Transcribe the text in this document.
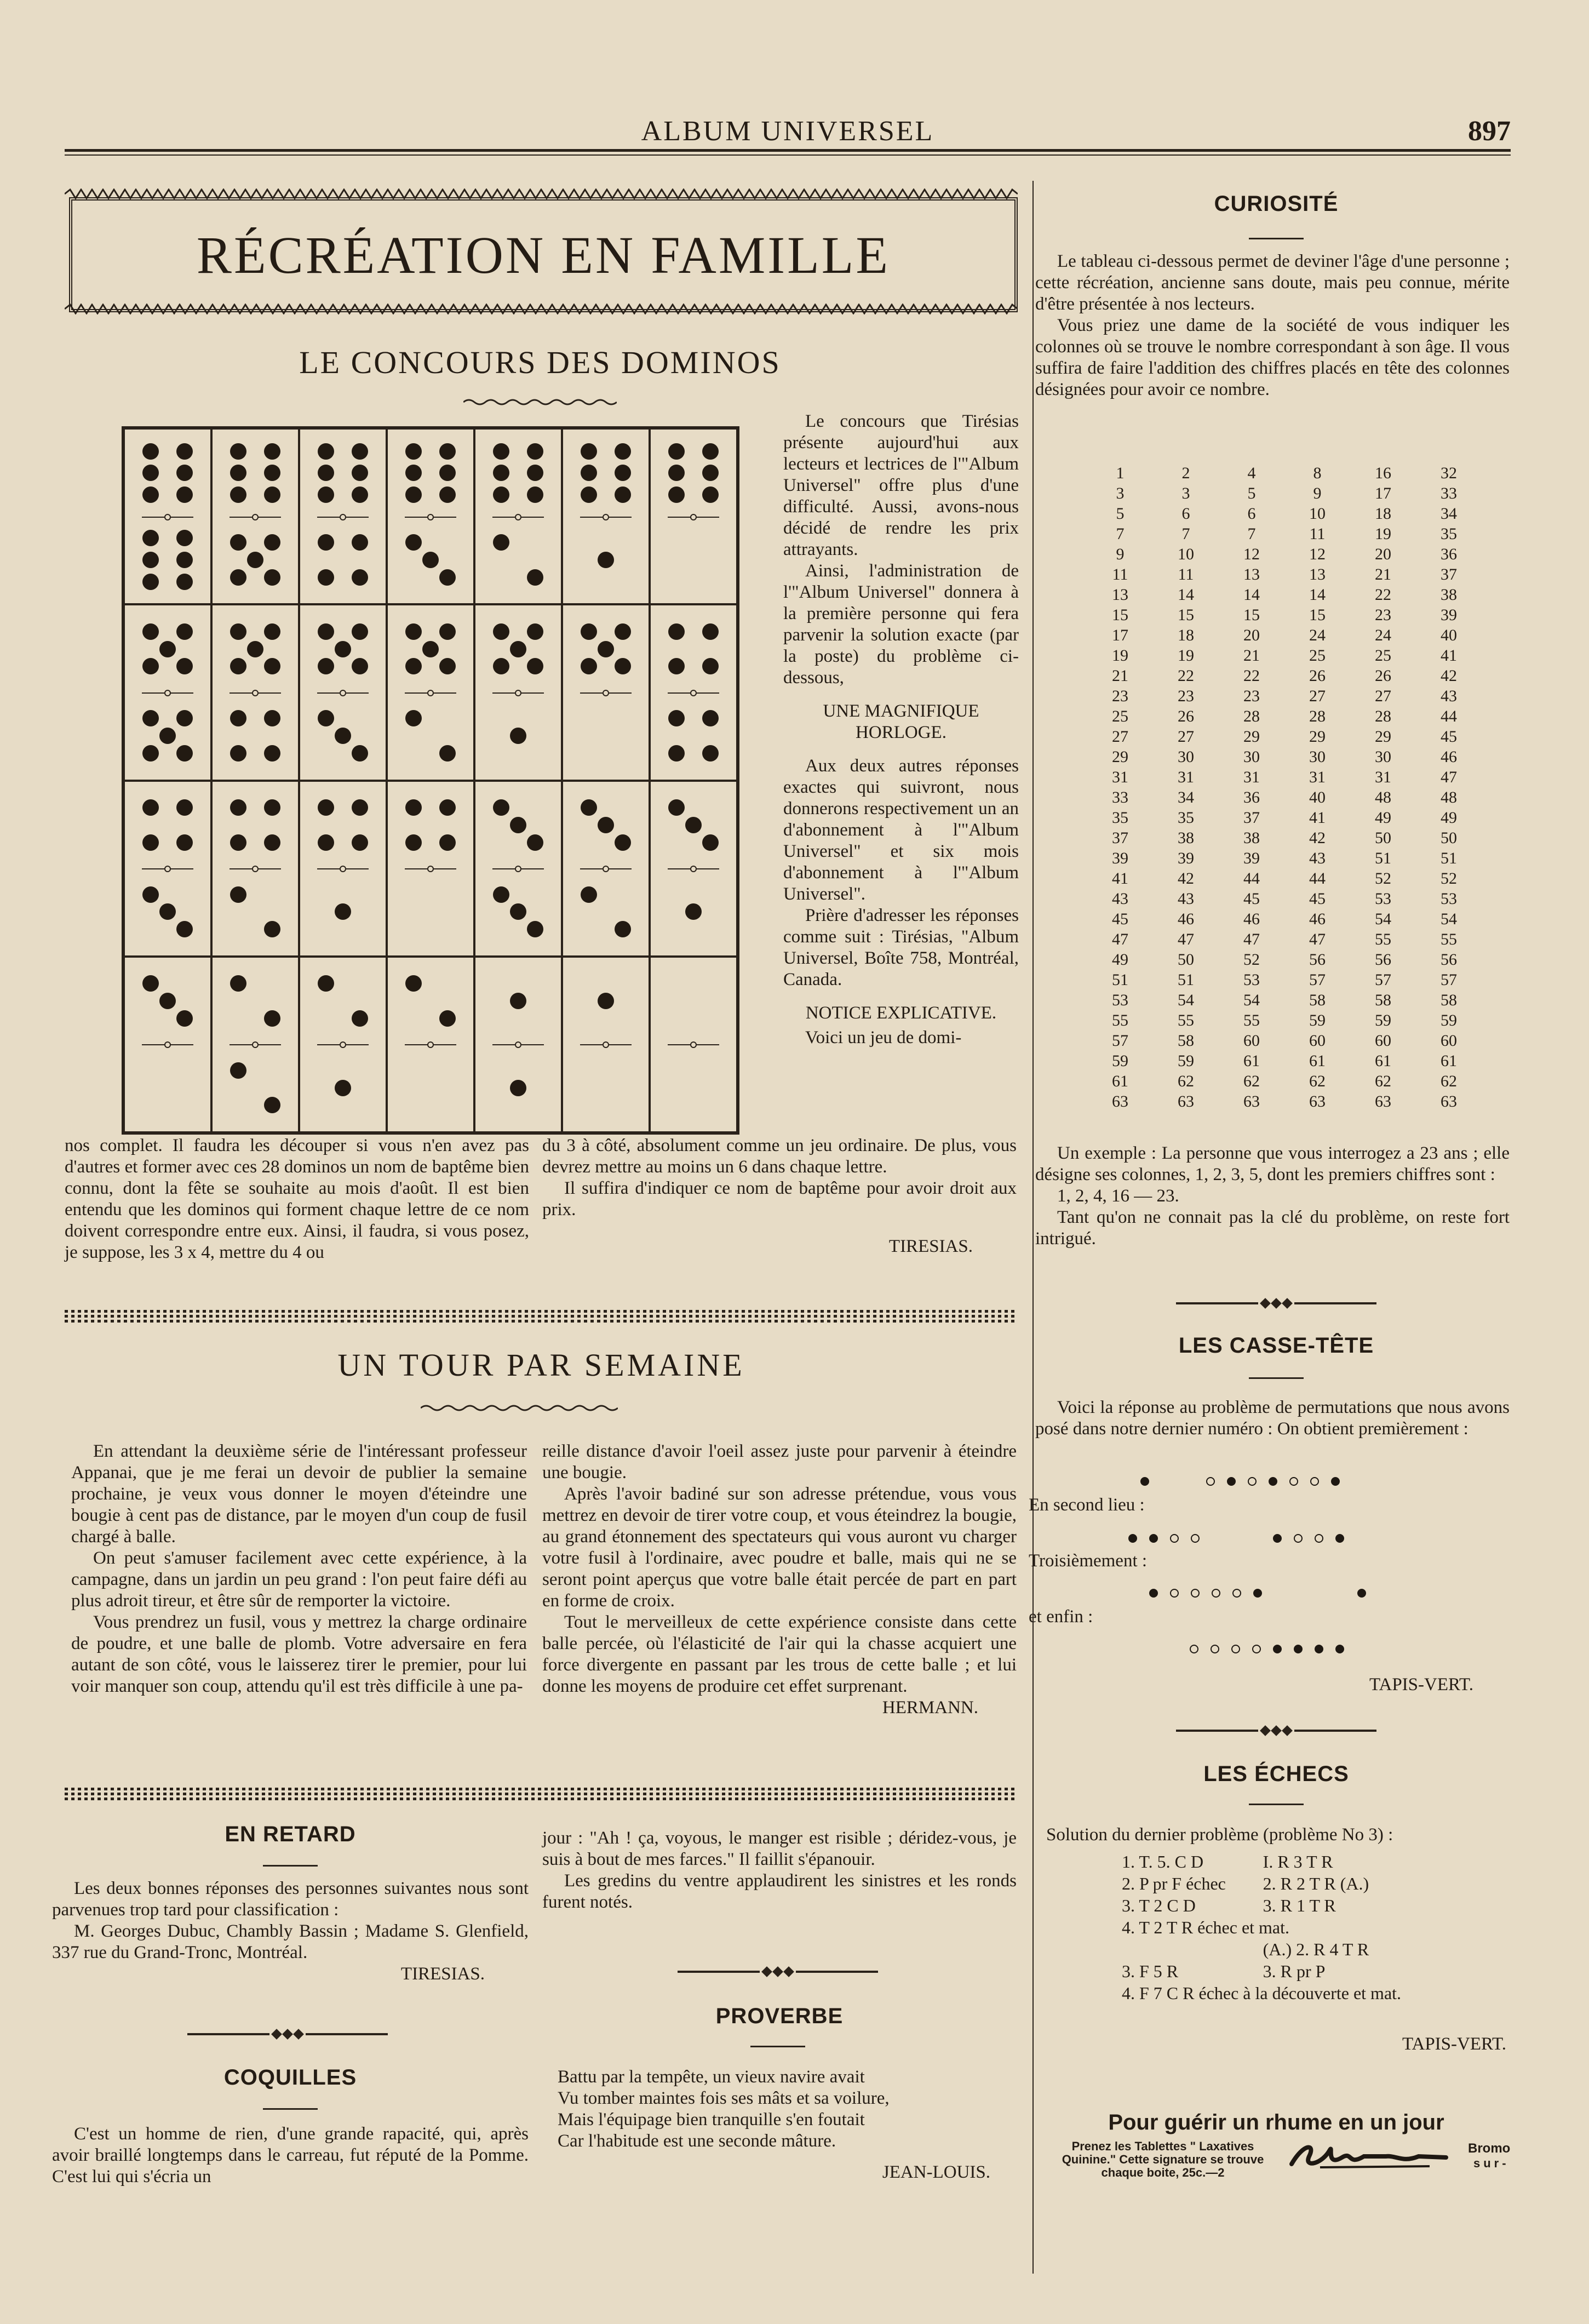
ALBUM UNIVERSEL	897
RÉCRÉATION EN FAMILLE
LE CONCOURS DES DOMINOS

Le concours que Tirésias présente aujourd'hui aux lecteurs et lectrices de l'"Album Universel" offre plus d'une difficulté. Aussi, avons-nous décidé de rendre les prix attrayants.

Ainsi, l'administration de l'"Album Universel" donnera à la première personne qui fera parvenir la solution exacte (par la poste) du problème ci-dessous,

UNE MAGNIFIQUE HORLOGE.

Aux deux autres réponses exactes qui suivront, nous donnerons respectivement un an d'abonnement à l'"Album Universel" et six mois d'abonnement à l'"Album Universel".

Prière d'adresser les réponses comme suit : Tirésias, "Album Universel, Boîte 758, Montréal, Canada.

NOTICE EXPLICATIVE.

Voici un jeu de domi-

nos complet. Il faudra les découper si vous n'en avez pas d'autres et former avec ces 28 dominos un nom de baptême bien connu, dont la fête se souhaite au mois d'août. Il est bien entendu que les dominos qui forment chaque lettre de ce nom doivent correspondre entre eux. Ainsi, il faudra, si vous posez, je suppose, les 3 x 4, mettre du 4 ou

du 3 à côté, absolument comme un jeu ordinaire. De plus, vous devrez mettre au moins un 6 dans chaque lettre.

Il suffira d'indiquer ce nom de baptême pour avoir droit aux prix.

TIRESIAS.

UN TOUR PAR SEMAINE

En attendant la deuxième série de l'intéressant professeur Appanai, que je me ferai un devoir de publier la semaine prochaine, je veux vous donner le moyen d'éteindre une bougie à cent pas de distance, par le moyen d'un coup de fusil chargé à balle.

On peut s'amuser facilement avec cette expérience, à la campagne, dans un jardin un peu grand : l'on peut faire défi au plus adroit tireur, et être sûr de remporter la victoire.

Vous prendrez un fusil, vous y mettrez la charge ordinaire de poudre, et une balle de plomb. Votre adversaire en fera autant de son côté, vous le laisserez tirer le premier, pour lui voir manquer son coup, attendu qu'il est très difficile à une pa-

reille distance d'avoir l'oeil assez juste pour parvenir à éteindre une bougie.

Après l'avoir badiné sur son adresse prétendue, vous vous mettrez en devoir de tirer votre coup, et vous éteindrez la bougie, au grand étonnement des spectateurs qui vous auront vu charger votre fusil à l'ordinaire, avec poudre et balle, mais qui ne se seront point aperçus que votre balle était percée de part en part en forme de croix.

Tout le merveilleux de cette expérience consiste dans cette balle percée, où l'élasticité de l'air qui la chasse acquiert une force divergente en passant par les trous de cette balle ; et lui donne les moyens de produire cet effet surprenant.

HERMANN.

EN RETARD

Les deux bonnes réponses des personnes suivantes nous sont parvenues trop tard pour classification :

M. Georges Dubuc, Chambly Bassin ; Madame S. Glenfield, 337 rue du Grand-Tronc, Montréal.

TIRESIAS.

COQUILLES

C'est un homme de rien, d'une grande rapacité, qui, après avoir braillé longtemps dans le carreau, fut réputé de la Pomme. C'est lui qui s'écria un

jour : "Ah ! ça, voyous, le manger est risible ; déridez-vous, je suis à bout de mes farces." Il faillit s'épanouir.

Les gredins du ventre applaudirent les sinistres et les ronds furent notés.

PROVERBE
Battu par la tempête, un vieux navire avait
Vu tomber maintes fois ses mâts et sa voilure,
Mais l'équipage bien tranquille s'en foutait
Car l'habitude est une seconde mâture.
JEAN-LOUIS.
CURIOSITÉ

Le tableau ci-dessous permet de deviner l'âge d'une personne ; cette récréation, ancienne sans doute, mais peu connue, mérite d'être présentée à nos lecteurs.

Vous priez une dame de la société de vous indiquer les colonnes où se trouve le nombre correspondant à son âge. Il vous suffira de faire l'addition des chiffres placés en tête des colonnes désignées pour avoir ce nombre.

1	2	4	8	16	32
3	3	5	9	17	33
5	6	6	10	18	34
7	7	7	11	19	35
9	10	12	12	20	36
11	11	13	13	21	37
13	14	14	14	22	38
15	15	15	15	23	39
17	18	20	24	24	40
19	19	21	25	25	41
21	22	22	26	26	42
23	23	23	27	27	43
25	26	28	28	28	44
27	27	29	29	29	45
29	30	30	30	30	46
31	31	31	31	31	47
33	34	36	40	48	48
35	35	37	41	49	49
37	38	38	42	50	50
39	39	39	43	51	51
41	42	44	44	52	52
43	43	45	45	53	53
45	46	46	46	54	54
47	47	47	47	55	55
49	50	52	56	56	56
51	51	53	57	57	57
53	54	54	58	58	58
55	55	55	59	59	59
57	58	60	60	60	60
59	59	61	61	61	61
61	62	62	62	62	62
63	63	63	63	63	63

Un exemple : La personne que vous interrogez a 23 ans ; elle désigne ses colonnes, 1, 2, 3, 5, dont les premiers chiffres sont :

1, 2, 4, 16 — 23.

Tant qu'on ne connait pas la clé du problème, on reste fort intrigué.

LES CASSE-TÊTE

Voici la réponse au problème de permutations que nous avons posé dans notre dernier numéro : On obtient premièrement :

En second lieu :
Troisièmement :
et enfin :
TAPIS-VERT.
LES ÉCHECS
Solution du dernier problème (problème No 3) :
1. T. 5. C D	I. R 3 T R
2. P pr F échec	2. R 2 T R (A.)
3. T 2 C D	3. R 1 T R
4. T 2 T R échec et mat.	
	(A.) 2. R 4 T R
3. F 5 R	3. R pr P
4. F 7 C R échec à la découverte et mat.	
TAPIS-VERT.
Pour guérir un rhume en un jour
Prenez les Tablettes " Laxatives Quinine." Cette signature se trouve chaque boite, 25c.—2
Bromo
sur-
